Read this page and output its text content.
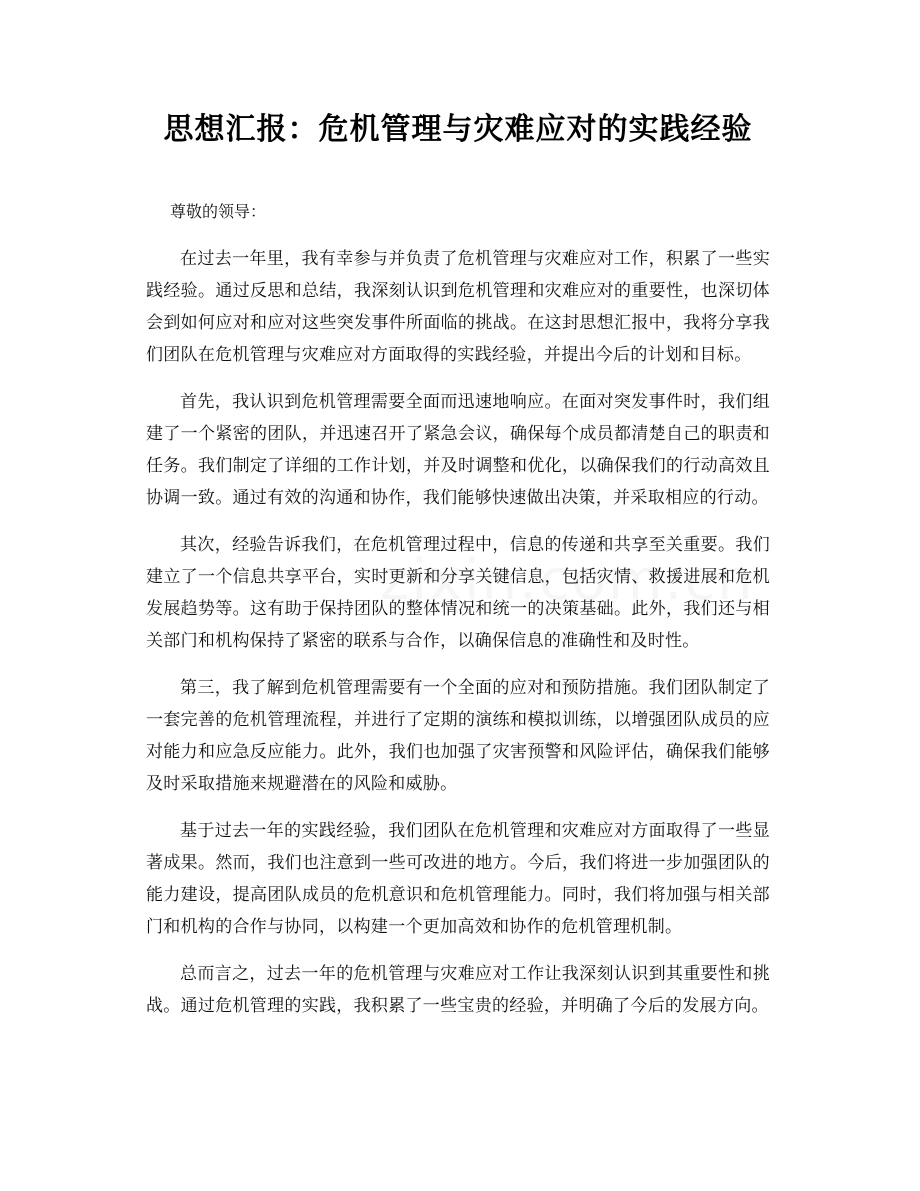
思想汇报：危机管理与灾难应对的实践经验

尊敬的领导：

在过去一年里，我有幸参与并负责了危机管理与灾难应对工作，积累了一些实践经验。通过反思和总结，我深刻认识到危机管理和灾难应对的重要性，也深切体会到如何应对和应对这些突发事件所面临的挑战。在这封思想汇报中，我将分享我们团队在危机管理与灾难应对方面取得的实践经验，并提出今后的计划和目标。

首先，我认识到危机管理需要全面而迅速地响应。在面对突发事件时，我们组建了一个紧密的团队，并迅速召开了紧急会议，确保每个成员都清楚自己的职责和任务。我们制定了详细的工作计划，并及时调整和优化，以确保我们的行动高效且协调一致。通过有效的沟通和协作，我们能够快速做出决策，并采取相应的行动。

其次，经验告诉我们，在危机管理过程中，信息的传递和共享至关重要。我们建立了一个信息共享平台，实时更新和分享关键信息，包括灾情、救援进展和危机发展趋势等。这有助于保持团队的整体情况和统一的决策基础。此外，我们还与相关部门和机构保持了紧密的联系与合作，以确保信息的准确性和及时性。

第三，我了解到危机管理需要有一个全面的应对和预防措施。我们团队制定了一套完善的危机管理流程，并进行了定期的演练和模拟训练，以增强团队成员的应对能力和应急反应能力。此外，我们也加强了灾害预警和风险评估，确保我们能够及时采取措施来规避潜在的风险和威胁。

基于过去一年的实践经验，我们团队在危机管理和灾难应对方面取得了一些显著成果。然而，我们也注意到一些可改进的地方。今后，我们将进一步加强团队的能力建设，提高团队成员的危机意识和危机管理能力。同时，我们将加强与相关部门和机构的合作与协同，以构建一个更加高效和协作的危机管理机制。

总而言之，过去一年的危机管理与灾难应对工作让我深刻认识到其重要性和挑战。通过危机管理的实践，我积累了一些宝贵的经验，并明确了今后的发展方向。
